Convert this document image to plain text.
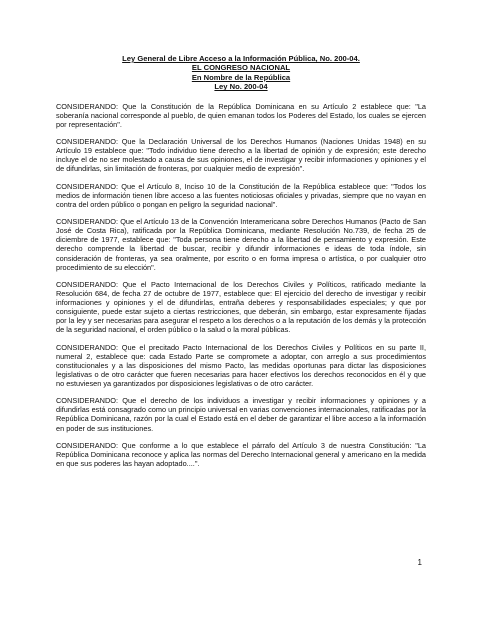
Ley General de Libre Acceso a la Información Pública, No. 200-04.
EL CONGRESO NACIONAL
En Nombre de la República
Ley No. 200-04

CONSIDERANDO: Que la Constitución de la República Dominicana en su Artículo 2 establece que: "La soberanía nacional corresponde al pueblo, de quien emanan todos los Poderes del Estado, los cuales se ejercen por representación".

CONSIDERANDO: Que la Declaración Universal de los Derechos Humanos (Naciones Unidas 1948) en su Artículo 19 establece que: "Todo individuo tiene derecho a la libertad de opinión y de expresión; este derecho incluye el de no ser molestado a causa de sus opiniones, el de investigar y recibir informaciones y opiniones y el de difundirlas, sin limitación de fronteras, por cualquier medio de expresión".

CONSIDERANDO: Que el Artículo 8, Inciso 10 de la Constitución de la República establece que: "Todos los medios de información tienen libre acceso a las fuentes noticiosas oficiales y privadas, siempre que no vayan en contra del orden público o pongan en peligro la seguridad nacional".

CONSIDERANDO: Que el Artículo 13 de la Convención Interamericana sobre Derechos Humanos (Pacto de San José de Costa Rica), ratificada por la República Dominicana, mediante Resolución No.739, de fecha 25 de diciembre de 1977, establece que: "Toda persona tiene derecho a la libertad de pensamiento y expresión. Este derecho comprende la libertad de buscar, recibir y difundir informaciones e ideas de toda índole, sin consideración de fronteras, ya sea oralmente, por escrito o en forma impresa o artística, o por cualquier otro procedimiento de su elección".

CONSIDERANDO: Que el Pacto Internacional de los Derechos Civiles y Políticos, ratificado mediante la Resolución 684, de fecha 27 de octubre de 1977, establece que: El ejercicio del derecho de investigar y recibir informaciones y opiniones y el de difundirlas, entraña deberes y responsabilidades especiales; y que por consiguiente, puede estar sujeto a ciertas restricciones, que deberán, sin embargo, estar expresamente fijadas por la ley y ser necesarias para asegurar el respeto a los derechos o a la reputación de los demás y la protección de la seguridad nacional, el orden público o la salud o la moral públicas.

CONSIDERANDO: Que el precitado Pacto Internacional de los Derechos Civiles y Políticos en su parte II, numeral 2, establece que: cada Estado Parte se compromete a adoptar, con arreglo a sus procedimientos constitucionales y a las disposiciones del mismo Pacto, las medidas oportunas para dictar las disposiciones legislativas o de otro carácter que fueren necesarias para hacer efectivos los derechos reconocidos en él y que no estuviesen ya garantizados por disposiciones legislativas o de otro carácter.

CONSIDERANDO: Que el derecho de los individuos a investigar y recibir informaciones y opiniones y a difundirlas está consagrado como un principio universal en varias convenciones internacionales, ratificadas por la República Dominicana, razón por la cual el Estado está en el deber de garantizar el libre acceso a la información en poder de sus instituciones.

CONSIDERANDO: Que conforme a lo que establece el párrafo del Artículo 3 de nuestra Constitución: "La República Dominicana reconoce y aplica las normas del Derecho Internacional general y americano en la medida en que sus poderes las hayan adoptado....".

1
